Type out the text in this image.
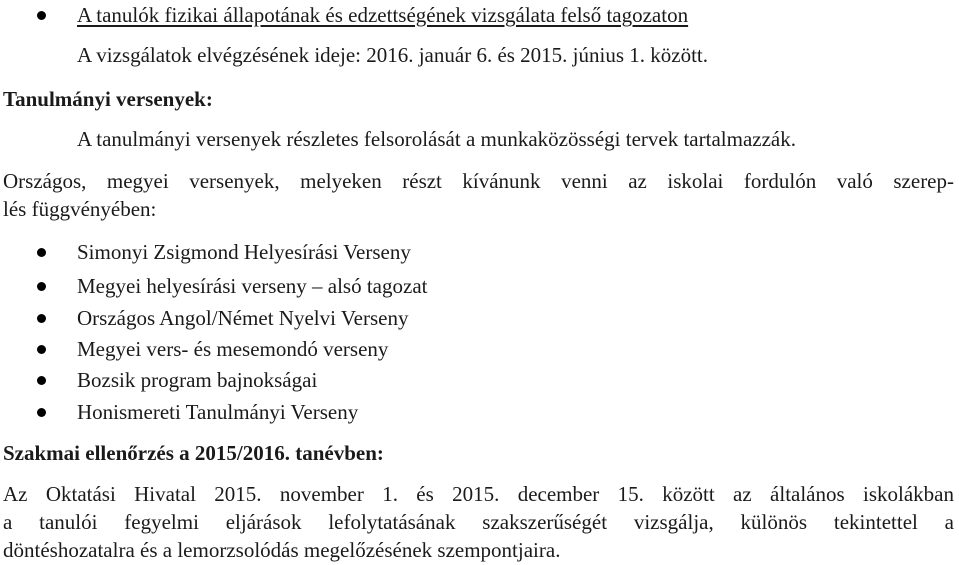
A tanulók fizikai állapotának és edzettségének vizsgálata felső tagozaton
A vizsgálatok elvégzésének ideje: 2016. január 6. és 2015. június 1. között.
Tanulmányi versenyek:
A tanulmányi versenyek részletes felsorolását a munkaközösségi tervek tartalmazzák.
Országos, megyei versenyek, melyeken részt kívánunk venni az iskolai fordulón való szerep-
lés függvényében:
Simonyi Zsigmond Helyesírási Verseny
Megyei helyesírási verseny – alsó tagozat
Országos Angol/Német Nyelvi Verseny
Megyei vers- és mesemondó verseny
Bozsik program bajnokságai
Honismereti Tanulmányi Verseny
Szakmai ellenőrzés a 2015/2016. tanévben:
Az Oktatási Hivatal 2015. november 1. és 2015. december 15. között az általános iskolákban
a tanulói fegyelmi eljárások lefolytatásának szakszerűségét vizsgálja, különös tekintettel a
döntéshozatalra és a lemorzsolódás megelőzésének szempontjaira.
